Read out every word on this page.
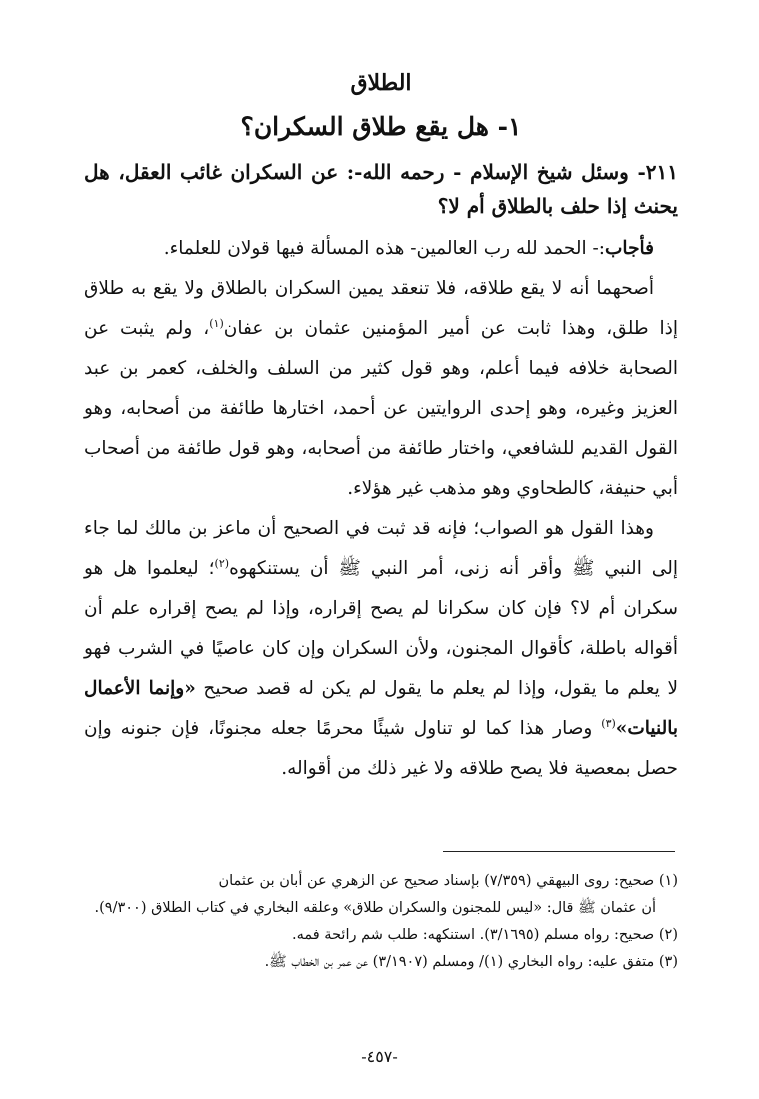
الطلاق
١- هل يقع طلاق السكران؟

٢١١- وسئل شيخ الإسلام - رحمه الله-: عن السكران غائب العقل، هل يحنث إذا حلف بالطلاق أم لا؟

فأجاب:- الحمد لله رب العالمين- هذه المسألة فيها قولان للعلماء.

أصحهما أنه لا يقع طلاقه، فلا تنعقد يمين السكران بالطلاق ولا يقع به طلاق إذا طلق، وهذا ثابت عن أمير المؤمنين عثمان بن عفان$^{(١)}$، ولم يثبت عن الصحابة خلافه فيما أعلم، وهو قول كثير من السلف والخلف، كعمر بن عبد العزيز وغيره، وهو إحدى الروايتين عن أحمد، اختارها طائفة من أصحابه، وهو القول القديم للشافعي، واختار طائفة من أصحابه، وهو قول طائفة من أصحاب أبي حنيفة، كالطحاوي وهو مذهب غير هؤلاء.

وهذا القول هو الصواب؛ فإنه قد ثبت في الصحيح أن ماعز بن مالك لما جاء إلى النبي ﷺ وأقر أنه زنى، أمر النبي ﷺ أن يستنكهوه$^{(٢)}$؛ ليعلموا هل هو سكران أم لا؟ فإن كان سكرانا لم يصح إقراره، وإذا لم يصح إقراره علم أن أقواله باطلة، كأقوال المجنون، ولأن السكران وإن كان عاصيًا في الشرب فهو لا يعلم ما يقول، وإذا لم يعلم ما يقول لم يكن له قصد صحيح «وإنما الأعمال بالنيات»$^{(٣)}$ وصار هذا كما لو تناول شيئًا محرمًا جعله مجنونًا، فإن جنونه وإن حصل بمعصية فلا يصح طلاقه ولا غير ذلك من أقواله.

(١) صحيح: روى البيهقي (٧/٣٥٩) بإسناد صحيح عن الزهري عن أبان بن عثمان
أن عثمان ﷺ قال: «ليس للمجنون والسكران طلاق» وعلقه البخاري في كتاب الطلاق (٩/٣٠٠).

(٢) صحيح: رواه مسلم (٣/١٦٩٥). استنكهه: طلب شم رائحة فمه.

(٣) متفق عليه: رواه البخاري (١)/ ومسلم (٣/١٩٠٧) عن عمر بن الخطاب ﷺ.

-٤٥٧-
